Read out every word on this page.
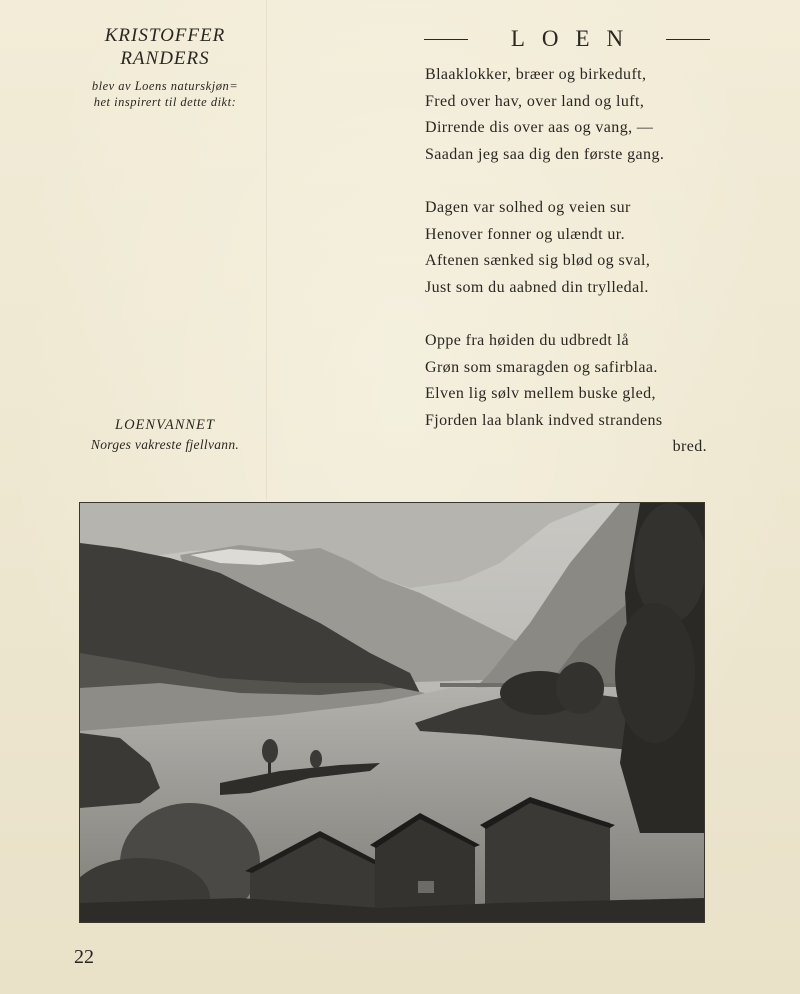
KRISTOFFER
RANDERS
blev av Loens naturskjøn=
het inspirert til dette dikt:
LOENVANNET
Norges vakreste fjellvann.
LOEN
Blaaklokker, bræer og birkeduft,
Fred over hav, over land og luft,
Dirrende dis over aas og vang, —
Saadan jeg saa dig den første gang.
Dagen var solhed og veien sur
Henover fonner og ulændt ur.
Aftenen sænked sig blød og sval,
Just som du aabned din trylledal.
Oppe fra høiden du udbredt lå
Grøn som smaragden og safirblaa.
Elven lig sølv mellem buske gled,
Fjorden laa blank indved strandens
bred.
22
